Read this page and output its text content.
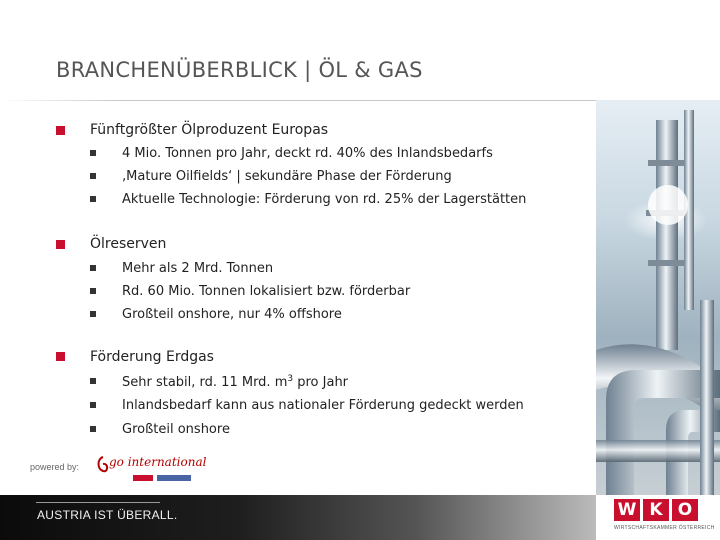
BRANCHENÜBERBLICK | ÖL & GAS
Fünftgrößter Ölproduzent Europas
4 Mio. Tonnen pro Jahr, deckt rd. 40% des Inlandsbedarfs
‚Mature Oilfields‘ | sekundäre Phase der Förderung
Aktuelle Technologie: Förderung von rd. 25% der Lagerstätten
Ölreserven
Mehr als 2 Mrd. Tonnen
Rd. 60 Mio. Tonnen lokalisiert bzw. förderbar
Großteil onshore, nur 4% offshore
Förderung Erdgas
Sehr stabil, rd. 11 Mrd. $m^3$ pro Jahr
Inlandsbedarf kann aus nationaler Förderung gedeckt werden
Großteil onshore
powered by: go international
AUSTRIA IST ÜBERALL.	W K O
WIRTSCHAFTSKAMMER ÖSTERREICH
